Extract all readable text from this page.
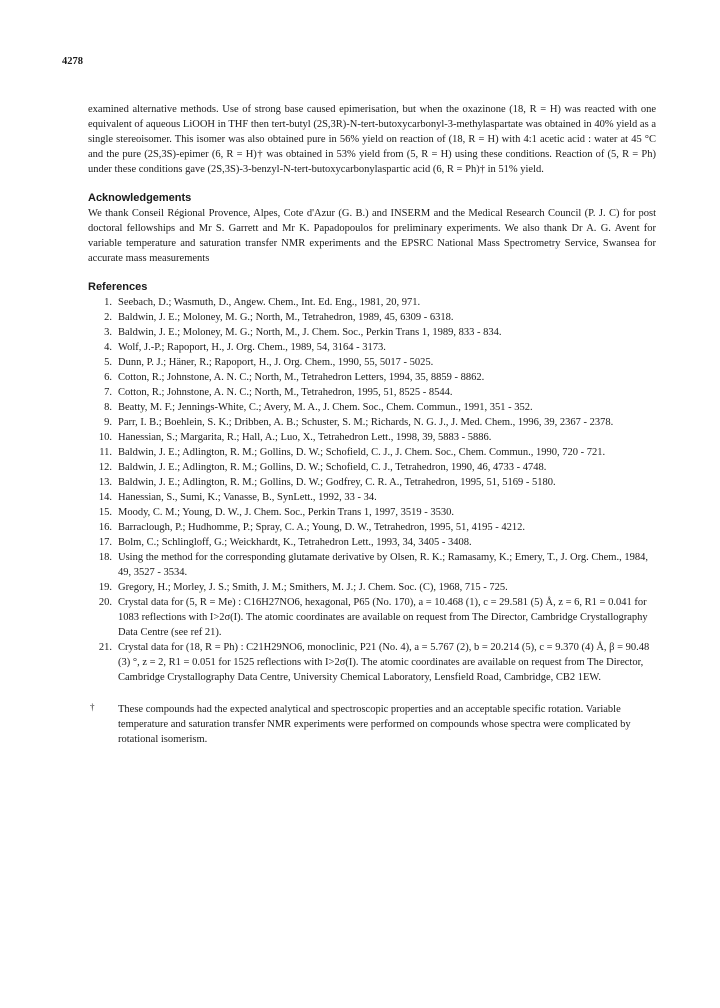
4278

examined alternative methods. Use of strong base caused epimerisation, but when the oxazinone (18, R = H) was reacted with one equivalent of aqueous LiOOH in THF then tert-butyl (2S,3R)-N-tert-butoxycarbonyl-3-methylaspartate was obtained in 40% yield as a single stereoisomer. This isomer was also obtained pure in 56% yield on reaction of (18, R = H) with 4:1 acetic acid : water at 45 °C and the pure (2S,3S)-epimer (6, R = H)† was obtained in 53% yield from (5, R = H) using these conditions. Reaction of (5, R = Ph) under these conditions gave (2S,3S)-3-benzyl-N-tert-butoxycarbonylaspartic acid (6, R = Ph)† in 51% yield.

Acknowledgements

We thank Conseil Régional Provence, Alpes, Cote d'Azur (G. B.) and INSERM and the Medical Research Council (P. J. C) for post doctoral fellowships and Mr S. Garrett and Mr K. Papadopoulos for preliminary experiments. We also thank Dr A. G. Avent for variable temperature and saturation transfer NMR experiments and the EPSRC National Mass Spectrometry Service, Swansea for accurate mass measurements

References
1. Seebach, D.; Wasmuth, D., Angew. Chem., Int. Ed. Eng., 1981, 20, 971.
2. Baldwin, J. E.; Moloney, M. G.; North, M., Tetrahedron, 1989, 45, 6309 - 6318.
3. Baldwin, J. E.; Moloney, M. G.; North, M., J. Chem. Soc., Perkin Trans 1, 1989, 833 - 834.
4. Wolf, J.-P.; Rapoport, H., J. Org. Chem., 1989, 54, 3164 - 3173.
5. Dunn, P. J.; Häner, R.; Rapoport, H., J. Org. Chem., 1990, 55, 5017 - 5025.
6. Cotton, R.; Johnstone, A. N. C.; North, M., Tetrahedron Letters, 1994, 35, 8859 - 8862.
7. Cotton, R.; Johnstone, A. N. C.; North, M., Tetrahedron, 1995, 51, 8525 - 8544.
8. Beatty, M. F.; Jennings-White, C.; Avery, M. A., J. Chem. Soc., Chem. Commun., 1991, 351 - 352.
9. Parr, I. B.; Boehlein, S. K.; Dribben, A. B.; Schuster, S. M.; Richards, N. G. J., J. Med. Chem., 1996, 39, 2367 - 2378.
10. Hanessian, S.; Margarita, R.; Hall, A.; Luo, X., Tetrahedron Lett., 1998, 39, 5883 - 5886.
11. Baldwin, J. E.; Adlington, R. M.; Gollins, D. W.; Schofield, C. J., J. Chem. Soc., Chem. Commun., 1990, 720 - 721.
12. Baldwin, J. E.; Adlington, R. M.; Gollins, D. W.; Schofield, C. J., Tetrahedron, 1990, 46, 4733 - 4748.
13. Baldwin, J. E.; Adlington, R. M.; Gollins, D. W.; Godfrey, C. R. A., Tetrahedron, 1995, 51, 5169 - 5180.
14. Hanessian, S., Sumi, K.; Vanasse, B., SynLett., 1992, 33 - 34.
15. Moody, C. M.; Young, D. W., J. Chem. Soc., Perkin Trans 1, 1997, 3519 - 3530.
16. Barraclough, P.; Hudhomme, P.; Spray, C. A.; Young, D. W., Tetrahedron, 1995, 51, 4195 - 4212.
17. Bolm, C.; Schlingloff, G.; Weickhardt, K., Tetrahedron Lett., 1993, 34, 3405 - 3408.
18. Using the method for the corresponding glutamate derivative by Olsen, R. K.; Ramasamy, K.; Emery, T., J. Org. Chem., 1984, 49, 3527 - 3534.
19. Gregory, H.; Morley, J. S.; Smith, J. M.; Smithers, M. J.; J. Chem. Soc. (C), 1968, 715 - 725.
20. Crystal data for (5, R = Me) : C16H27NO6, hexagonal, P65 (No. 170), a = 10.468 (1), c = 29.581 (5) Å, z = 6, R1 = 0.041 for 1083 reflections with I>2σ(I). The atomic coordinates are available on request from The Director, Cambridge Crystallography Data Centre (see ref 21).
21. Crystal data for (18, R = Ph) : C21H29NO6, monoclinic, P21 (No. 4), a = 5.767 (2), b = 20.214 (5), c = 9.370 (4) Å, β = 90.48 (3) °, z = 2, R1 = 0.051 for 1525 reflections with I>2σ(I). The atomic coordinates are available on request from The Director, Cambridge Crystallography Data Centre, University Chemical Laboratory, Lensfield Road, Cambridge, CB2 1EW.
† These compounds had the expected analytical and spectroscopic properties and an acceptable specific rotation. Variable temperature and saturation transfer NMR experiments were performed on compounds whose spectra were complicated by rotational isomerism.
